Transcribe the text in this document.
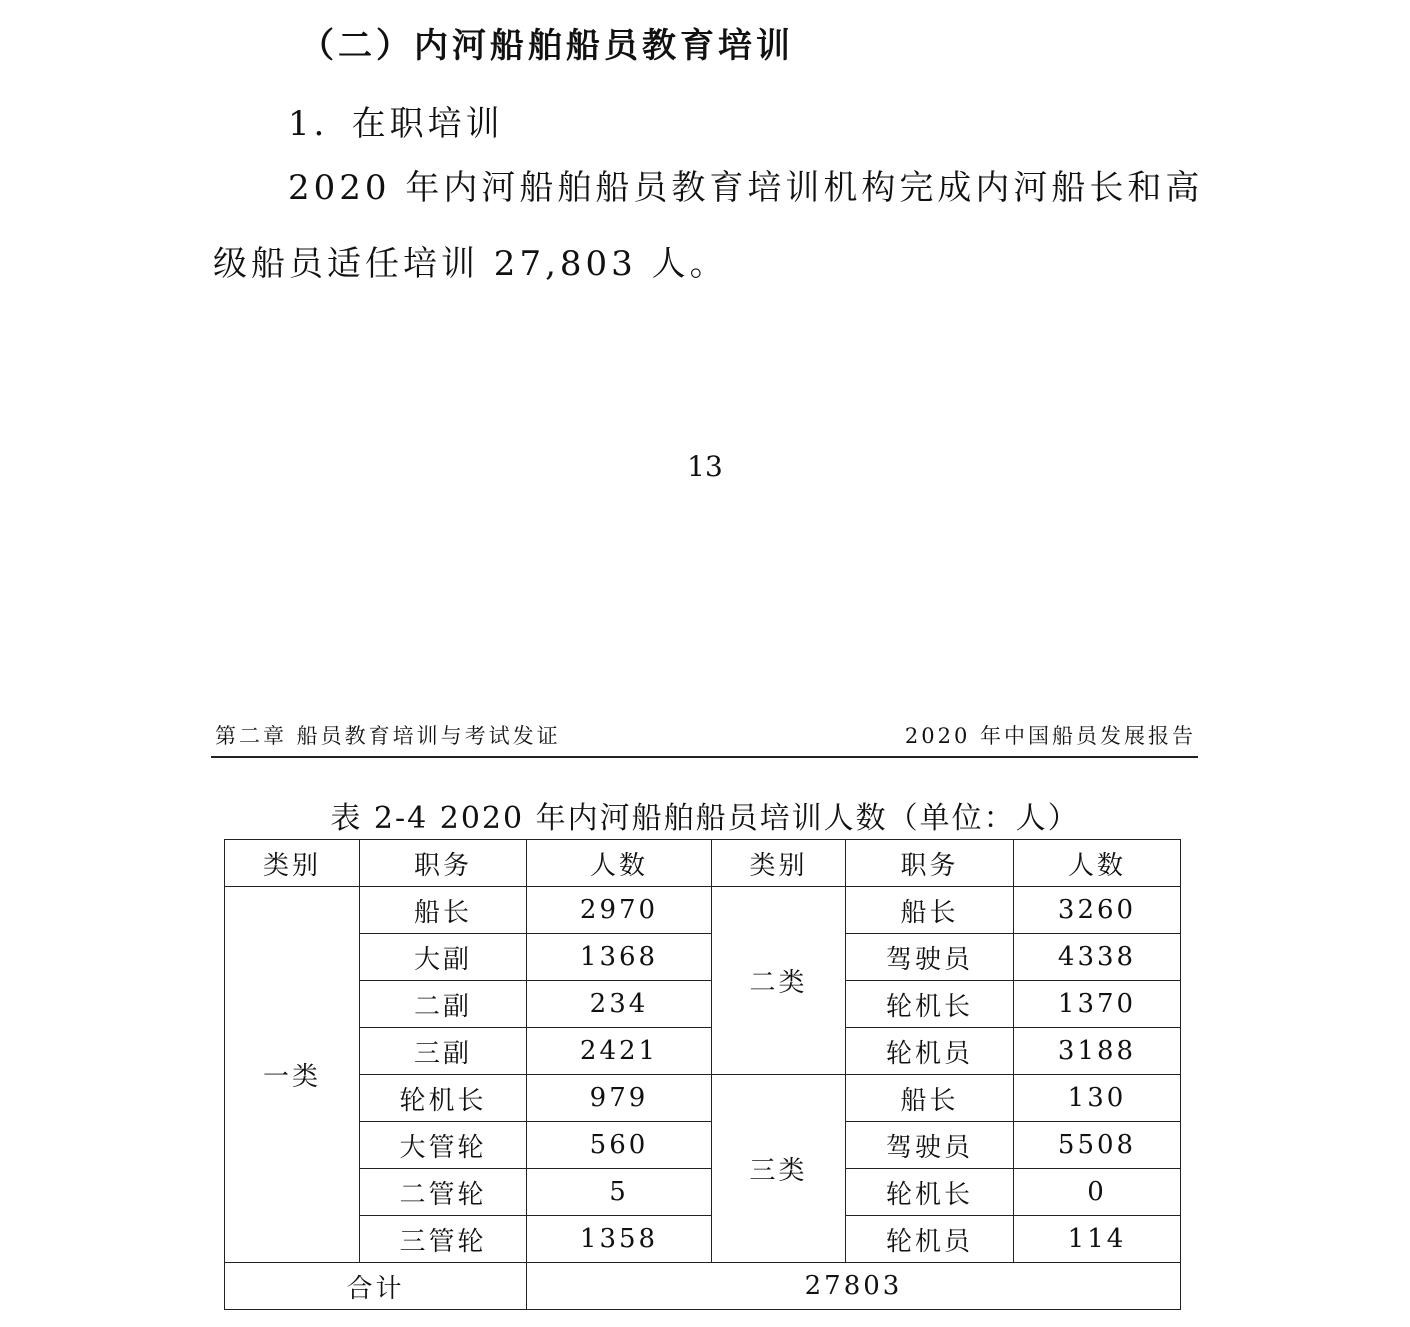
（二）内河船舶船员教育培训
1．在职培训
2020 年内河船舶船员教育培训机构完成内河船长和高
级船员适任培训 27,803 人。
13
第二章 船员教育培训与考试发证	2020 年中国船员发展报告
表 2-4 2020 年内河船舶船员培训人数（单位：人）
类别	职务	人数	类别	职务	人数
一类	船长	2970	二类	船长	3260
	大副	1368		驾驶员	4338
	二副	234		轮机长	1370
	三副	2421		轮机员	3188
	轮机长	979	三类	船长	130
	大管轮	560		驾驶员	5508
	二管轮	5		轮机长	0
	三管轮	1358		轮机员	114
合计		27803			
